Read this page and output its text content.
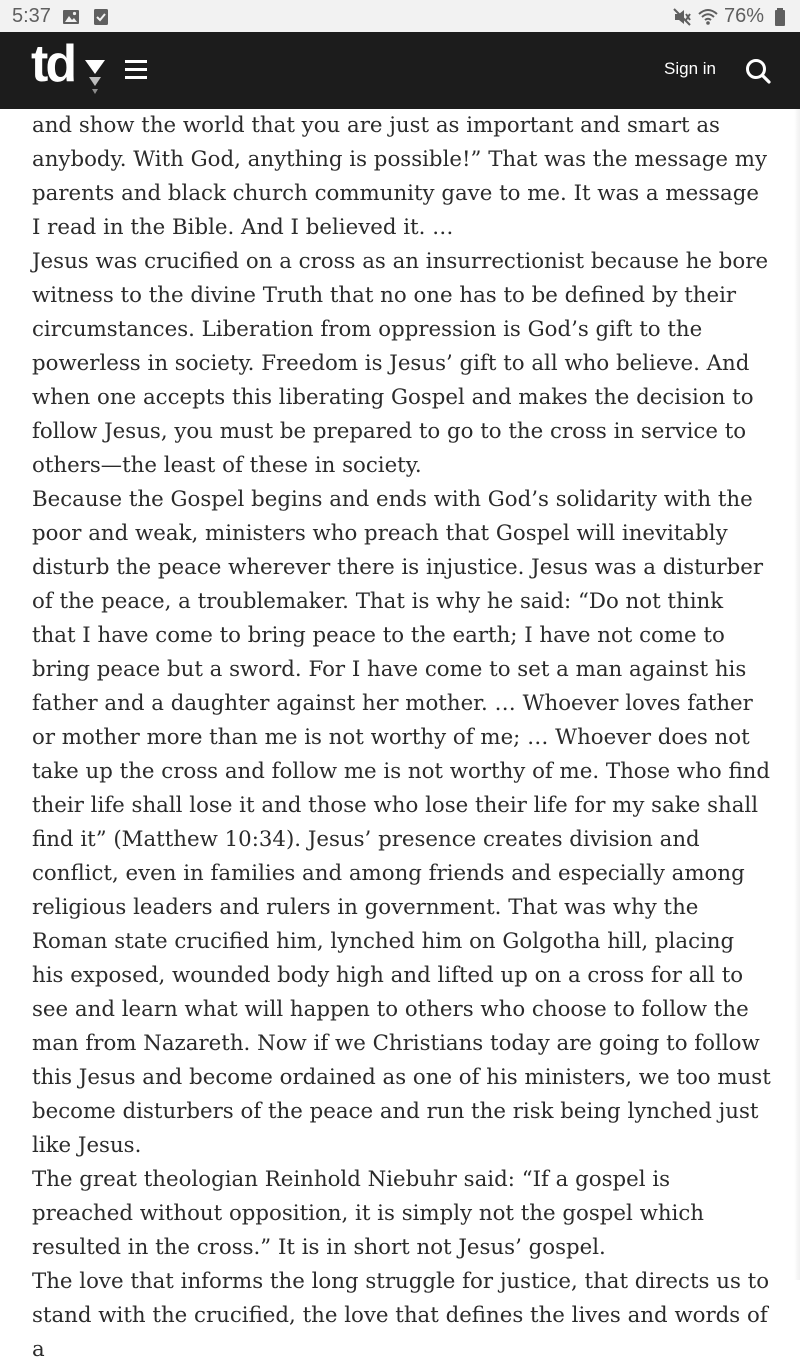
5:37	76%
td	Sign in

and show the world that you are just as important and smart as anybody. With God, anything is possible!” That was the message my parents and black church community gave to me. It was a message I read in the Bible. And I believed it. …

Jesus was crucified on a cross as an insurrectionist because he bore witness to the divine Truth that no one has to be defined by their circumstances. Liberation from oppression is God’s gift to the powerless in society. Freedom is Jesus’ gift to all who believe. And when one accepts this liberating Gospel and makes the decision to follow Jesus, you must be prepared to go to the cross in service to others—the least of these in society.

Because the Gospel begins and ends with God’s solidarity with the poor and weak, ministers who preach that Gospel will inevitably disturb the peace wherever there is injustice. Jesus was a disturber of the peace, a troublemaker. That is why he said: “Do not think that I have come to bring peace to the earth; I have not come to bring peace but a sword. For I have come to set a man against his father and a daughter against her mother. … Whoever loves father or mother more than me is not worthy of me; … Whoever does not take up the cross and follow me is not worthy of me. Those who find their life shall lose it and those who lose their life for my sake shall find it” (Matthew 10:34). Jesus’ presence creates division and conflict, even in families and among friends and especially among religious leaders and rulers in government. That was why the Roman state crucified him, lynched him on Golgotha hill, placing his exposed, wounded body high and lifted up on a cross for all to see and learn what will happen to others who choose to follow the man from Nazareth. Now if we Christians today are going to follow this Jesus and become ordained as one of his ministers, we too must become disturbers of the peace and run the risk being lynched just like Jesus.

The great theologian Reinhold Niebuhr said: “If a gospel is preached without opposition, it is simply not the gospel which resulted in the cross.” It is in short not Jesus’ gospel.

The love that informs the long struggle for justice, that directs us to stand with the crucified, the love that defines the lives and words of a
